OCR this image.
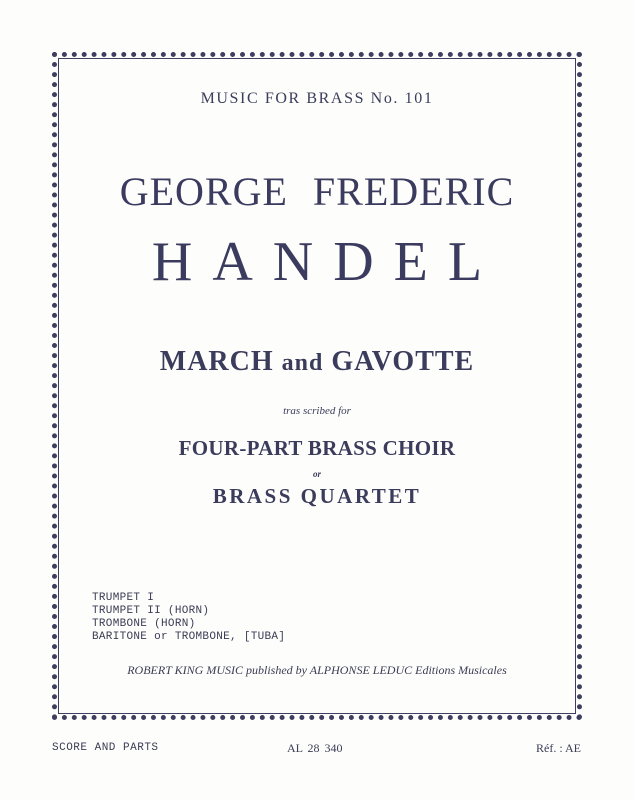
MUSIC FOR BRASS No. 101
GEORGE FREDERIC
HANDEL
MARCH and GAVOTTE
tras scribed for
FOUR-PART BRASS CHOIR
or
BRASS QUARTET
TRUMPET I
TRUMPET II (HORN)
TROMBONE (HORN)
BARITONE or TROMBONE, [TUBA]
ROBERT KING MUSIC published by ALPHONSE LEDUC Editions Musicales
SCORE AND PARTS	AL 28 340	Réf. : AE
